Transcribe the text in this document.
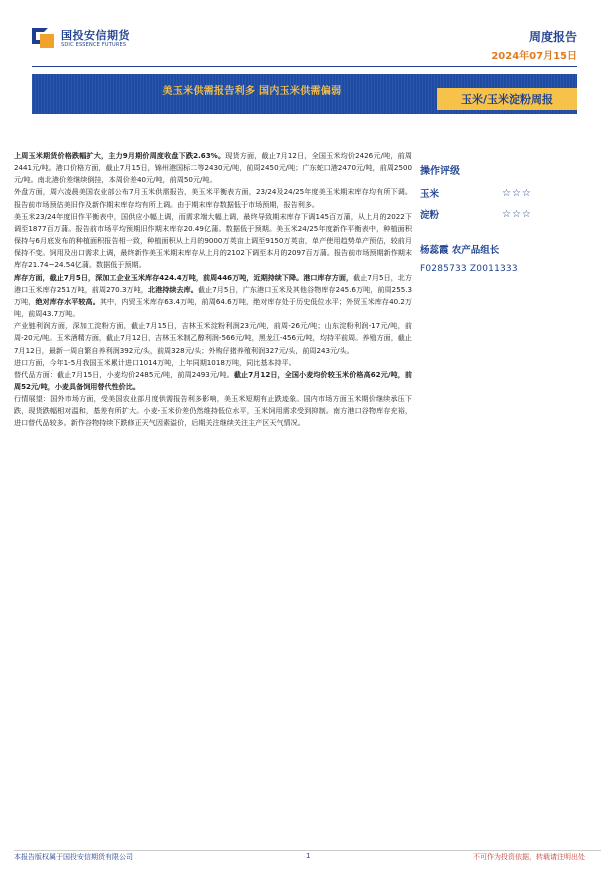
国投安信期货
SDIC ESSENCE FUTURES
周度报告
2024年07月15日
美玉米供需报告利多 国内玉米供需偏弱
玉米/玉米淀粉周报

上周玉米期货价格跌幅扩大，主力9月期价周度收盘下跌2.63%。现货方面，截止7月12日，全国玉米均价2426元/吨，前周2441元/吨。港口价格方面，截止7月15日，锦州港国标二等2430元/吨，前周2450元/吨；广东蛇口港2470元/吨，前周2500元/吨。南北港价差继续倒挂，本周价差40元/吨，前周50元/吨。

外盘方面，周六凌晨美国农业部公布7月玉米供需报告，美玉米平衡表方面，23/24及24/25年度美玉米期末库存均有所下调。报告前市场预估美旧作及新作期末库存均有所上调。由于期末库存数据低于市场预期，报告利多。

美玉米23/24年度旧作平衡表中，国供应小幅上调，而需求端大幅上调，最终导致期末库存下调145百万蒲，从上月的2022下调至1877百万蒲。报告前市场平均预期旧作期末库存20.49亿蒲。数据低于预期。美玉米24/25年度新作平衡表中，种植面积保持与6月底发布的种植面积报告相一致，种植面积从上月的9000万英亩上调至9150万英亩，单产使用趋势单产预估，较前月保持不变。饲用及出口需求上调，最终新作美玉米期末库存从上月的2102下调至本月的2097百万蒲。报告前市场预期新作期末库存21.74~24.54亿蒲。数据低于预期。

库存方面，截止7月5日，深加工企业玉米库存424.4万吨，前周446万吨，近期持续下降。港口库存方面，截止7月5日，北方港口玉米库存251万吨，前周270.3万吨，北港持续去库。截止7月5日，广东港口玉米及其他谷物库存245.6万吨，前周255.3万吨，绝对库存水平较高。其中，内贸玉米库存63.4万吨，前周64.6万吨，绝对库存处于历史低位水平；外贸玉米库存40.2万吨，前周43.7万吨。

产业链利润方面，深加工淀粉方面，截止7月15日，吉林玉米淀粉利润23元/吨，前周-26元/吨；山东淀粉利润-17元/吨，前周-20元/吨。玉米酒精方面，截止7月12日，吉林玉米制乙醇利润-566元/吨，黑龙江-456元/吨，均持平前周。养殖方面，截止7月12日，最新一周自繁自养利润392元/头，前周328元/头；外购仔猪养殖利润327元/头，前周243元/头。

进口方面，今年1-5月我国玉米累计进口1014万吨，上年同期1018万吨，同比基本持平。

替代品方面：截止7月15日，小麦均价2485元/吨，前周2493元/吨。截止7月12日，全国小麦均价较玉米价格高62元/吨，前周52元/吨，小麦具备饲用替代性价比。

行情展望：国外市场方面，受美国农业部月度供需报告利多影响，美玉米短期有止跌迹象。国内市场方面玉米期价继续承压下跌，现货跌幅相对温和，基差有所扩大。小麦-玉米价差仍然维持低位水平，玉米饲用需求受到抑制。南方港口谷物库存充裕，进口替代品较多。新作谷物持续下跌修正天气因素溢价，后期关注继续关注主产区天气情况。

操作评级
玉米	☆☆☆
淀粉	☆☆☆
杨蕊霞 农产品组长
F0285733 Z0011333
本报告版权属于国投安信期货有限公司	1	不可作为投资依据，转载请注明出处
